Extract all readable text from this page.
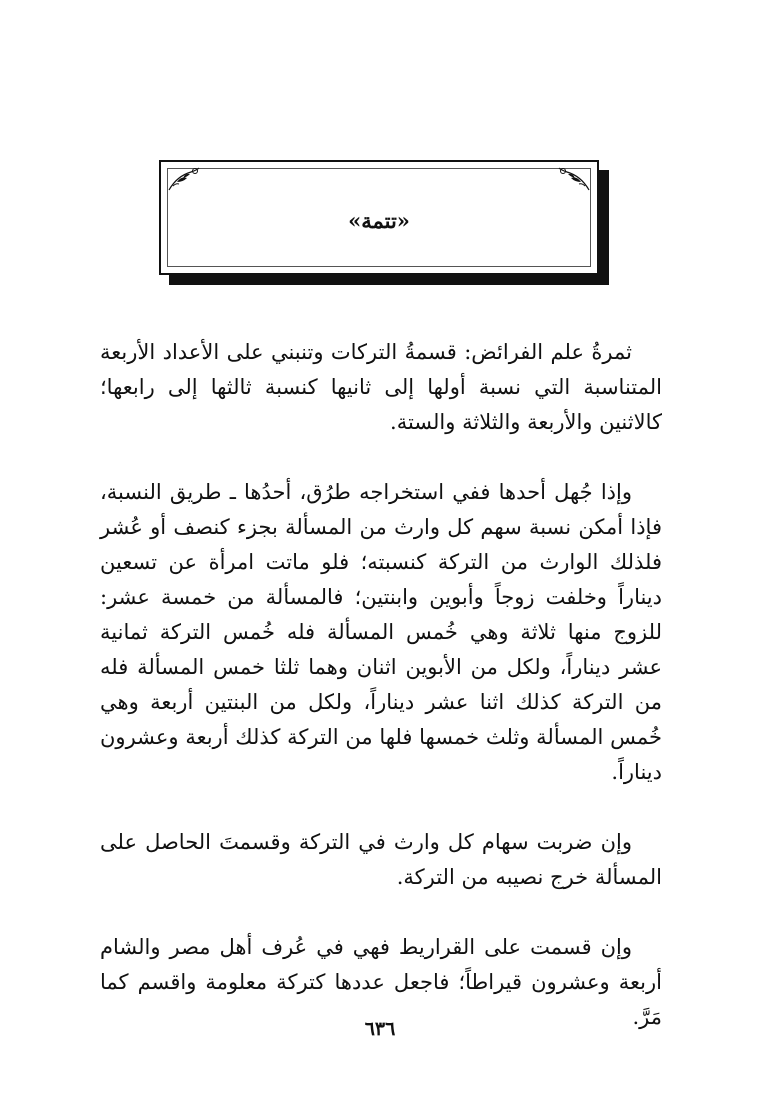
«تتمة»

ثمرةُ علم الفرائض: قسمةُ التركات وتنبني على الأعداد الأربعة المتناسبة التي نسبة أولها إلى ثانيها كنسبة ثالثها إلى رابعها؛ كالاثنين والأربعة والثلاثة والستة.

وإذا جُهل أحدها ففي استخراجه طرُق، أحدُها ـ طريق النسبة، فإذا أمكن نسبة سهم كل وارث من المسألة بجزء كنصف أو عُشر فلذلك الوارث من التركة كنسبته؛ فلو ماتت امرأة عن تسعين ديناراً وخلفت زوجاً وأبوين وابنتين؛ فالمسألة من خمسة عشر: للزوج منها ثلاثة وهي خُمس المسألة فله خُمس التركة ثمانية عشر ديناراً، ولكل من الأبوين اثنان وهما ثلثا خمس المسألة فله من التركة كذلك اثنا عشر ديناراً، ولكل من البنتين أربعة وهي خُمس المسألة وثلث خمسها فلها من التركة كذلك أربعة وعشرون ديناراً.

وإن ضربت سهام كل وارث في التركة وقسمتَ الحاصل على المسألة خرج نصيبه من التركة.

وإن قسمت على القراريط فهي في عُرف أهل مصر والشام أربعة وعشرون قيراطاً؛ فاجعل عددها كتركة معلومة واقسم كما مَرَّ.

٦٣٦
